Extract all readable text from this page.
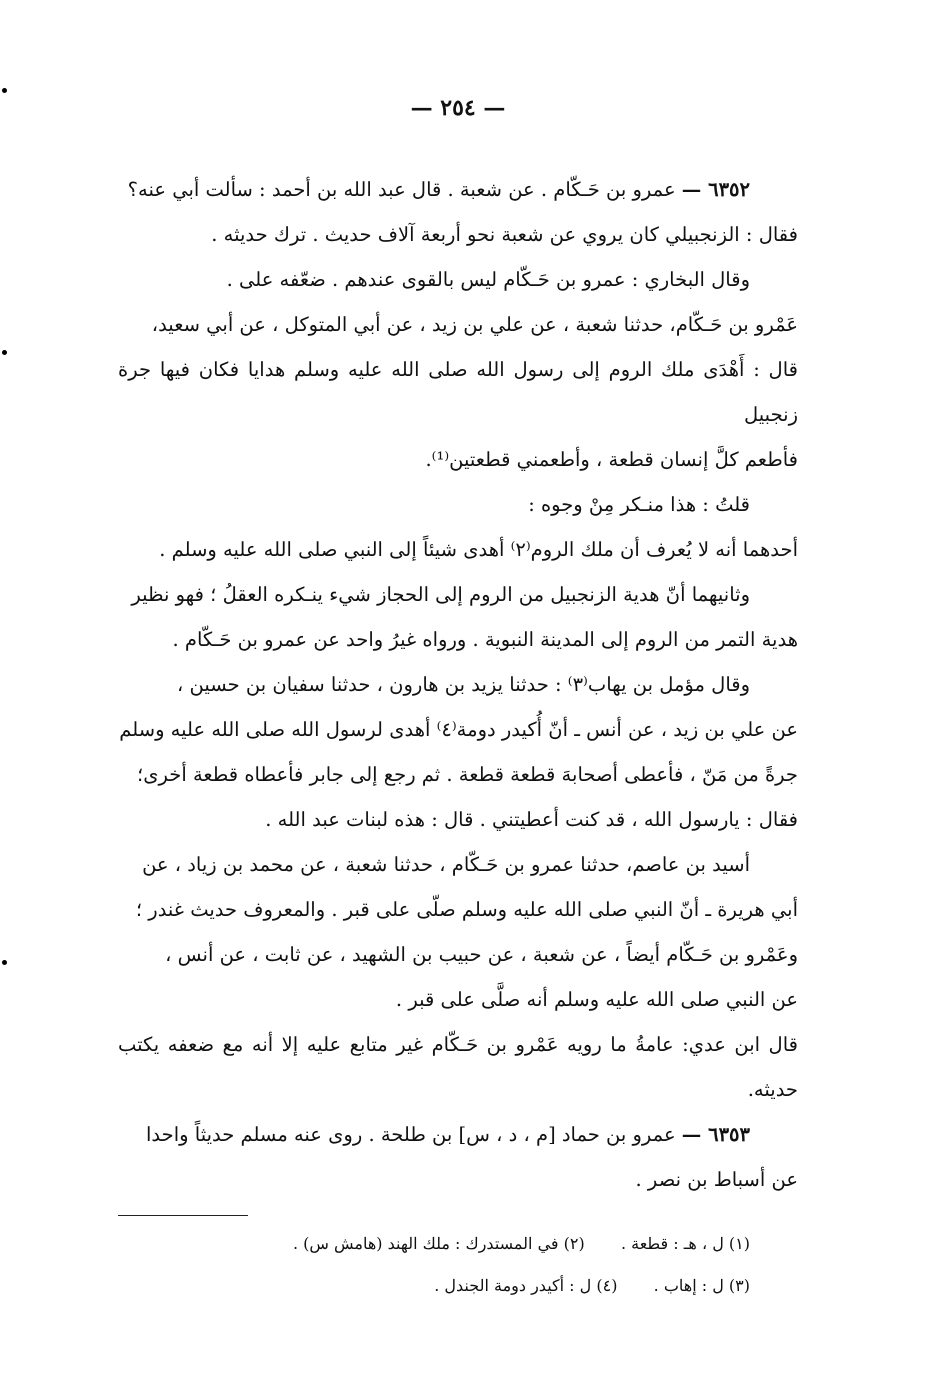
— ٢٥٤ —

٦٣٥٢ — عمرو بن حَـكّام . عن شعبة . قال عبد الله بن أحمد : سألت أبي عنه؟

فقال : الزنجبيلي كان يروي عن شعبة نحو أربعة آلاف حديث . ترك حديثه .

وقال البخاري : عمرو بن حَـكّام ليس بالقوى عندهم . ضعّفه على .

عَمْرو بن حَـكّام، حدثنا شعبة ، عن علي بن زيد ، عن أبي المتوكل ، عن أبي سعيد،

قال : أَهْدَى ملك الروم إلى رسول الله صلى الله عليه وسلم هدايا فكان فيها جرة زنجبيل

فأطعم كلَّ إنسان قطعة ، وأطعمني قطعتين⁽¹⁾.

قلتُ : هذا منـكر مِنْ وجوه :

أحدهما أنه لا يُعرف أن ملك الروم⁽٢⁾ أهدى شيئاً إلى النبي صلى الله عليه وسلم .

وثانيهما أنّ هدية الزنجبيل من الروم إلى الحجاز شيء ينـكره العقلُ ؛ فهو نظير

هدية التمر من الروم إلى المدينة النبوية . ورواه غيرُ واحد عن عمرو بن حَـكّام .

وقال مؤمل بن يهاب⁽٣⁾ : حدثنا يزيد بن هارون ، حدثنا سفيان بن حسين ،

عن علي بن زيد ، عن أنس ـ أنّ أُكيدر دومة⁽٤⁾ أهدى لرسول الله صلى الله عليه وسلم

جرةً من مَنّ ، فأعطى أصحابهَ قطعة قطعة . ثم رجع إلى جابر فأعطاه قطعة أخرى؛

فقال : يارسول الله ، قد كنت أعطيتني . قال : هذه لبنات عبد الله .

أسيد بن عاصم، حدثنا عمرو بن حَـكّام ، حدثنا شعبة ، عن محمد بن زياد ، عن

أبي هريرة ـ أنّ النبي صلى الله عليه وسلم صلّى على قبر . والمعروف حديث غندر ؛

وعَمْرو بن حَـكّام أيضاً ، عن شعبة ، عن حبيب بن الشهيد ، عن ثابت ، عن أنس ،

عن النبي صلى الله عليه وسلم أنه صلَّى على قبر .

قال ابن عدي: عامةُ ما رويه عَمْرو بن حَـكّام غير متابع عليه إلا أنه مع ضعفه يكتب حديثه.

٦٣٥٣ — عمرو بن حماد [م ، د ، س] بن طلحة . روى عنه مسلم حديثاً واحدا

عن أسباط بن نصر .

(١) ل ، هـ : قطعة .  (٢) في المستدرك : ملك الهند (هامش س) .
(٣) ل : إهاب .  (٤) ل : أكيدر دومة الجندل .
